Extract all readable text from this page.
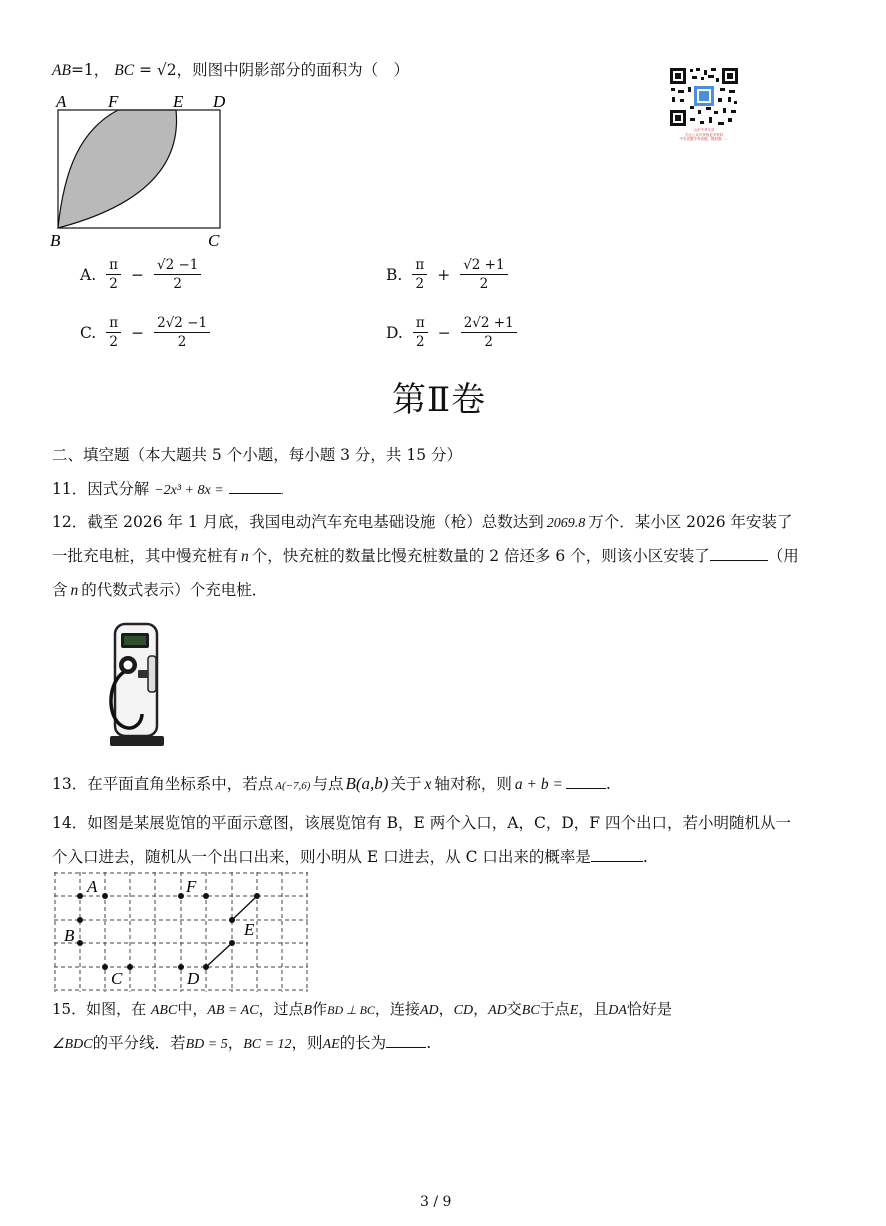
AB=1， BC = √2，则图中阴影部分的面积为（　）
山东中考专页
关注公众号获取更多资料
中学试题中考真题、模拟题……
A F	E D
B	C
A. $\frac{\pi}{2} - \frac{√2 -1}{2}$	B. $\frac{\pi}{2} + \frac{√2 +1}{2}$
C. $\frac{\pi}{2} - \frac{2√2 -1}{2}$	D. $\frac{\pi}{2} - \frac{2√2 +1}{2}$
第Ⅱ卷
二、填空题（本大题共 5 个小题，每小题 3 分，共 15 分）
11．因式分解 −2x³ + 8x =	.
12．截至 2026 年 1 月底，我国电动汽车充电基础设施（枪）总数达到 2069.8 万个．某小区 2026 年安装了
一批充电桩，其中慢充桩有 n 个，快充桩的数量比慢充桩数量的 2 倍还多 6 个，则该小区安装了	（用
含 n 的代数式表示）个充电桩．
13．在平面直角坐标系中，若点 A(−7,6) 与点 B(a,b) 关于 x 轴对称，则 a + b =	.
14．如图是某展览馆的平面示意图，该展览馆有 B，E 两个入口，A，C，D，F 四个出口，若小明随机从一
个入口进去，随机从一个出口出来，则小明从 E 口进去，从 C 口出来的概率是	.
A	F
B	E
C	D
15．如图，在 ABC中，AB = AC，过点B作BD ⊥ BC，连接AD，CD，AD交BC于点E，且DA恰好是
∠BDC的平分线．若BD = 5，BC = 12，则AE的长为	.
3 / 9
